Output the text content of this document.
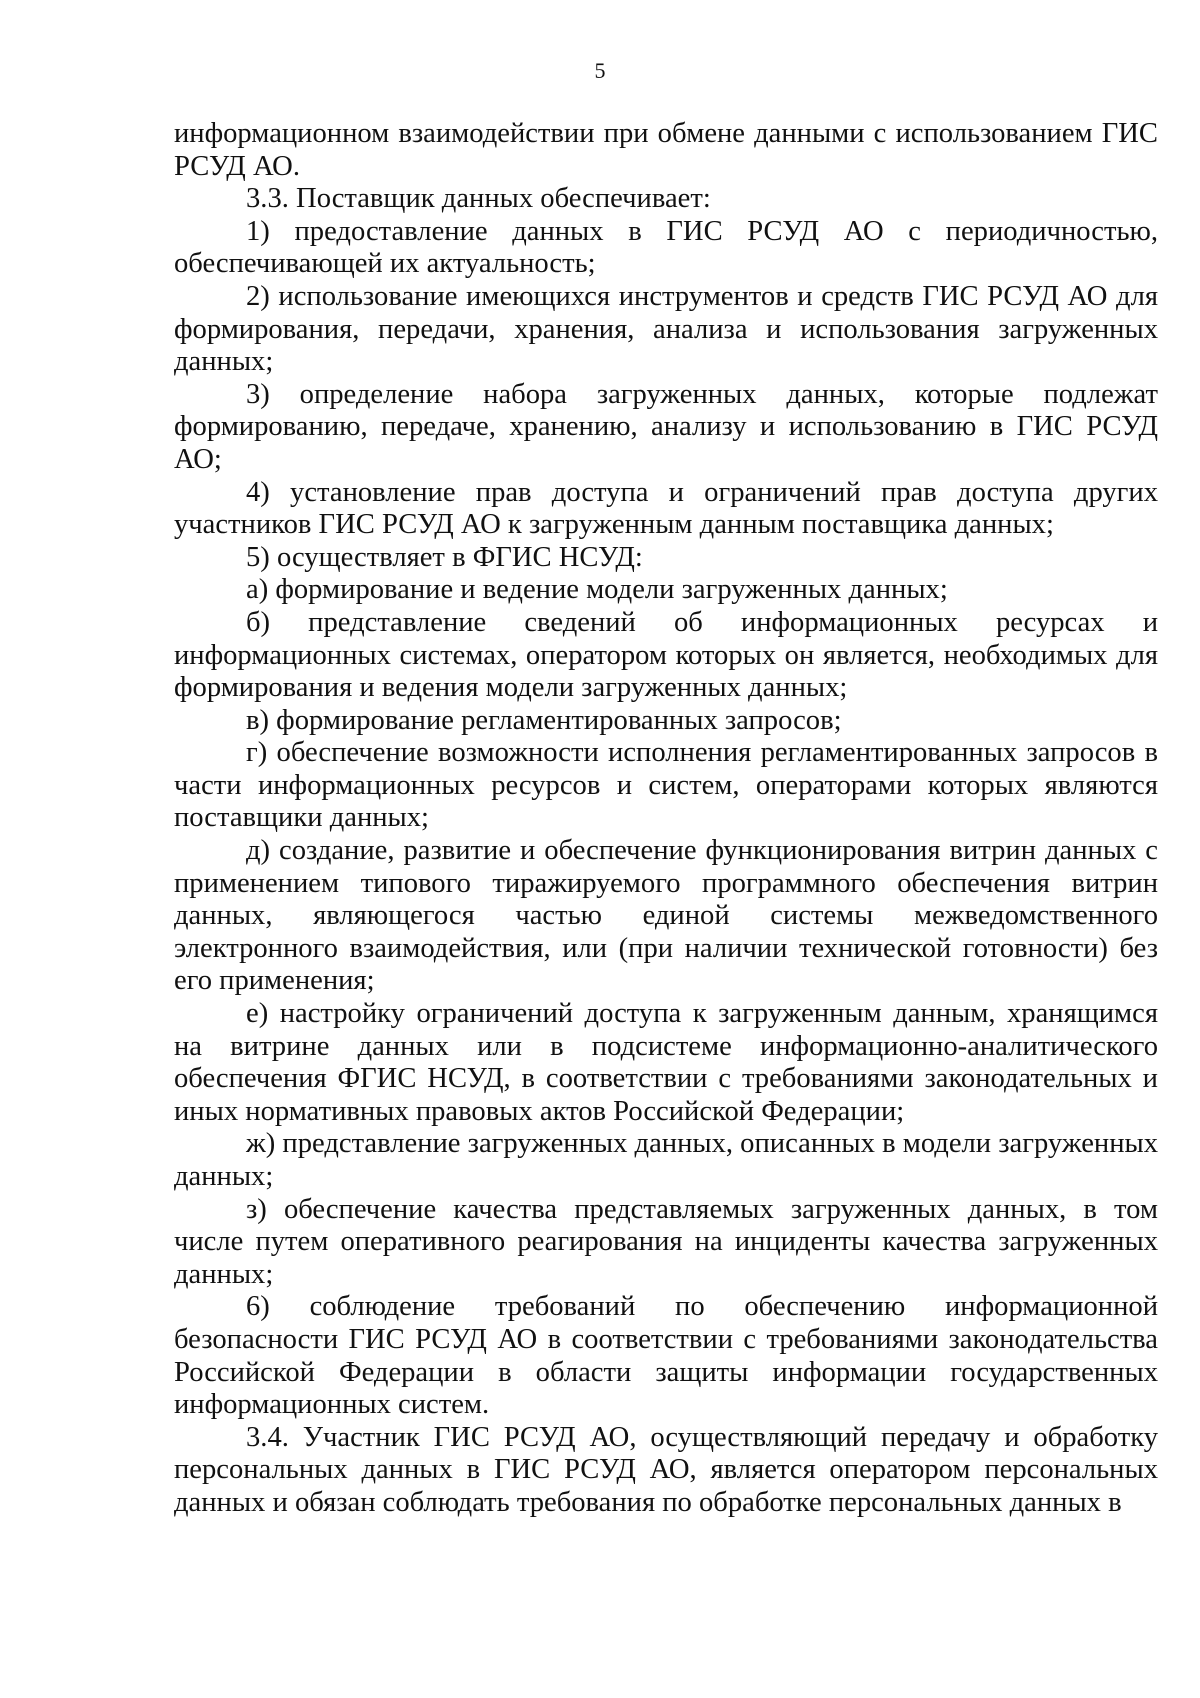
5

информационном взаимодействии при обмене данными с использованием ГИС РСУД АО.

3.3. Поставщик данных обеспечивает:

1) предоставление данных в ГИС РСУД АО с периодичностью, обеспечивающей их актуальность;

2) использование имеющихся инструментов и средств ГИС РСУД АО для формирования, передачи, хранения, анализа и использования загруженных данных;

3) определение набора загруженных данных, которые подлежат формированию, передаче, хранению, анализу и использованию в ГИС РСУД АО;

4) установление прав доступа и ограничений прав доступа других участников ГИС РСУД АО к загруженным данным поставщика данных;

5) осуществляет в ФГИС НСУД:

а) формирование и ведение модели загруженных данных;

б) представление сведений об информационных ресурсах и информационных системах, оператором которых он является, необходимых для формирования и ведения модели загруженных данных;

в) формирование регламентированных запросов;

г) обеспечение возможности исполнения регламентированных запросов в части информационных ресурсов и систем, операторами которых являются поставщики данных;

д) создание, развитие и обеспечение функционирования витрин данных с применением типового тиражируемого программного обеспечения витрин данных, являющегося частью единой системы межведомственного электронного взаимодействия, или (при наличии технической готовности) без его применения;

е) настройку ограничений доступа к загруженным данным, хранящимся на витрине данных или в подсистеме информационно-аналитического обеспечения ФГИС НСУД, в соответствии с требованиями законодательных и иных нормативных правовых актов Российской Федерации;

ж) представление загруженных данных, описанных в модели загруженных данных;

з) обеспечение качества представляемых загруженных данных, в том числе путем оперативного реагирования на инциденты качества загруженных данных;

6) соблюдение требований по обеспечению информационной безопасности ГИС РСУД АО в соответствии с требованиями законодательства Российской Федерации в области защиты информации государственных информационных систем.

3.4. Участник ГИС РСУД АО, осуществляющий передачу и обработку персональных данных в ГИС РСУД АО, является оператором персональных данных и обязан соблюдать требования по обработке персональных данных в
